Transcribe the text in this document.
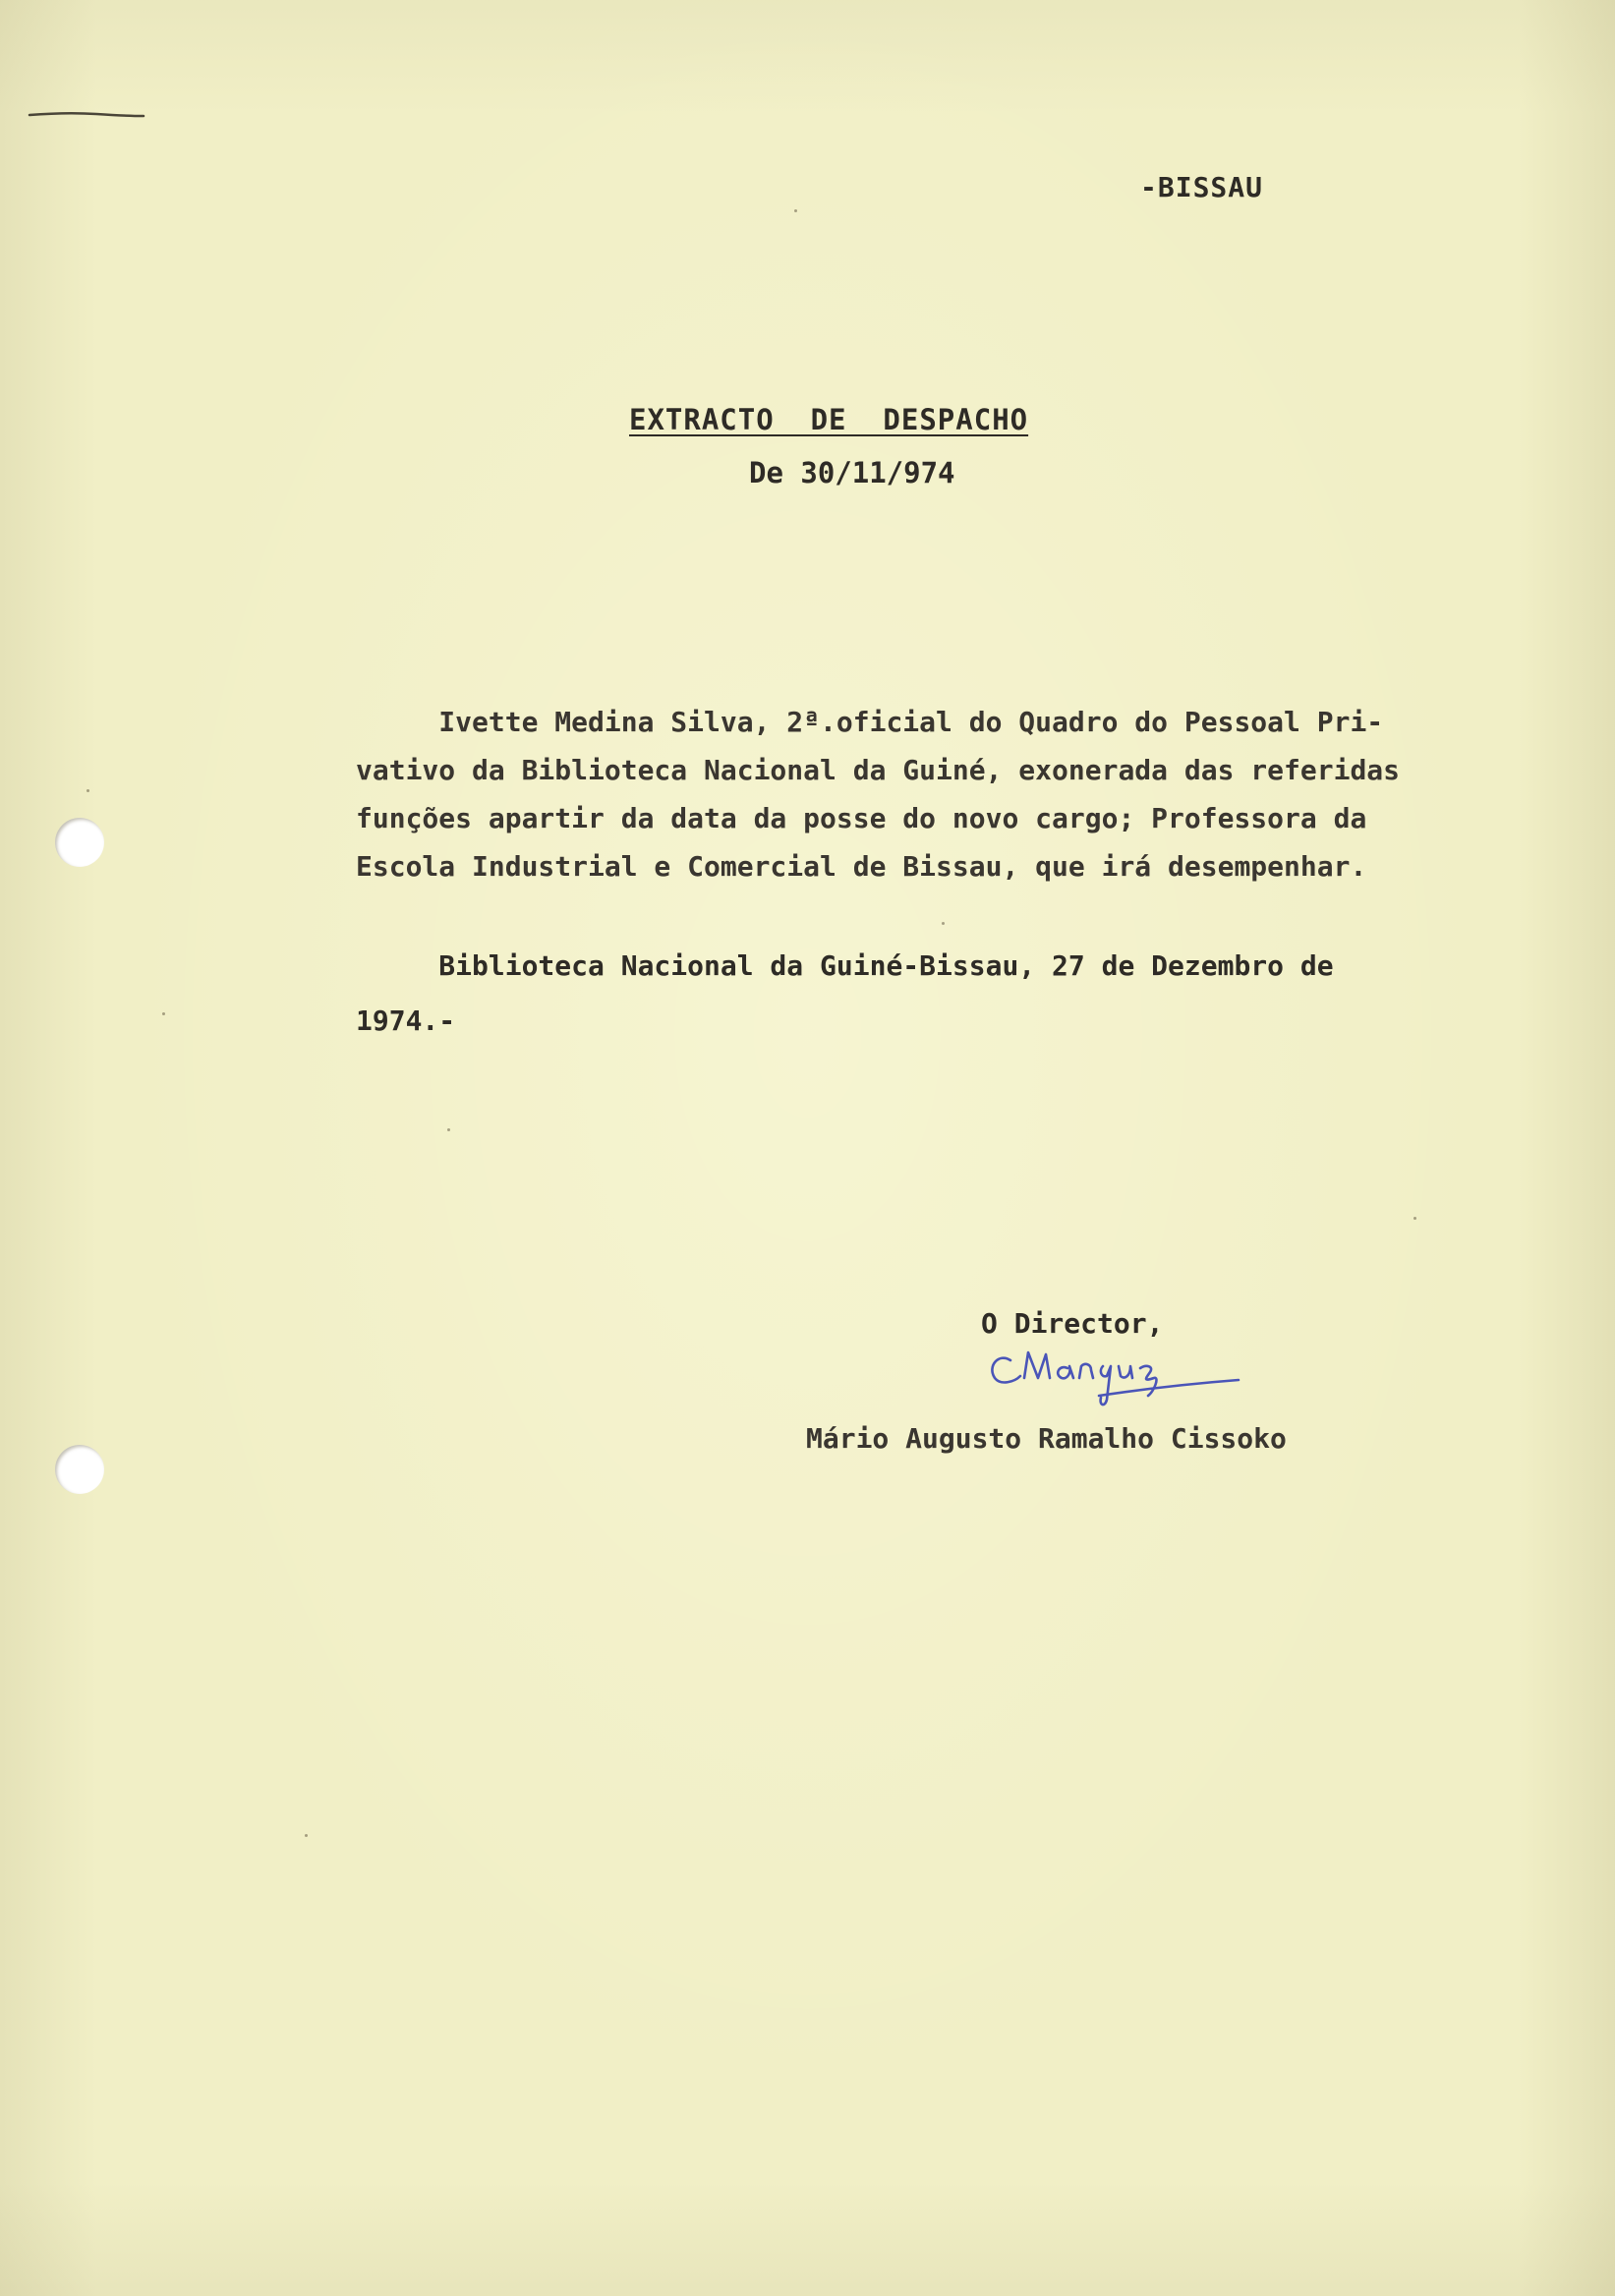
-BISSAU
EXTRACTO  DE  DESPACHO
De 30/11/974
Ivette Medina Silva, 2ª.oficial do Quadro do Pessoal Pri-
vativo da Biblioteca Nacional da Guiné, exonerada das referidas
funções apartir da data da posse do novo cargo; Professora da
Escola Industrial e Comercial de Bissau, que irá desempenhar.
Biblioteca Nacional da Guiné-Bissau, 27 de Dezembro de
1974.-
O Director,
Mário Augusto Ramalho Cissoko
